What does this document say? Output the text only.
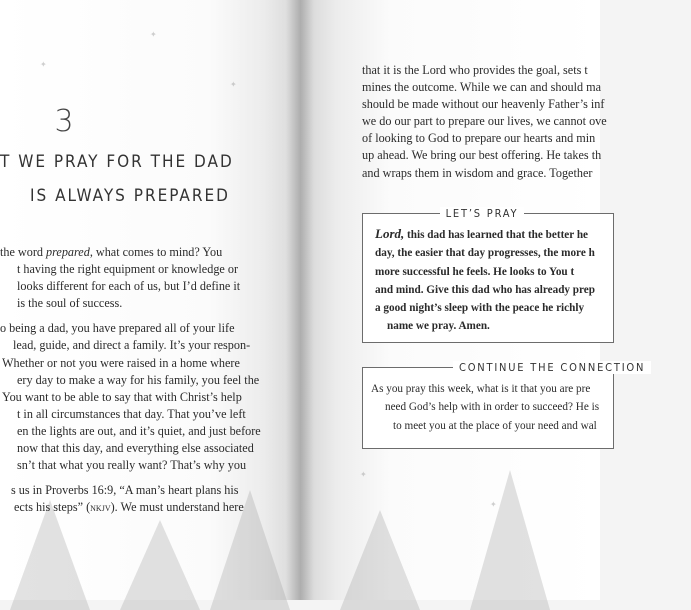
✦
✦
✦
3
T WE PRAY FOR THE DAD
IS ALWAYS PREPARED

the word prepared, what comes to mind? You

t having the right equipment or knowledge or

looks different for each of us, but I’d define it

is the soul of success.

o being a dad, you have prepared all of your life

lead, guide, and direct a family. It’s your respon-

Whether or not you were raised in a home where

ery day to make a way for his family, you feel the

You want to be able to say that with Christ’s help

t in all circumstances that day. That you’ve left

en the lights are out, and it’s quiet, and just before

now that this day, and everything else associated

sn’t that what you really want? That’s why you

s us in Proverbs 16:9, “A man’s heart plans his

ects his steps” (nkjv). We must understand here

✦
✦

that it is the Lord who provides the goal, sets t

mines the outcome. While we can and should ma

should be made without our heavenly Father’s inf

we do our part to prepare our lives, we cannot ove

of looking to God to prepare our hearts and min

up ahead. We bring our best offering. He takes th

and wraps them in wisdom and grace. Together

LET’S PRAY

Lord, this dad has learned that the better he

day, the easier that day progresses, the more h

more successful he feels. He looks to You t

and mind. Give this dad who has already prep

a good night’s sleep with the peace he richly

name we pray. Amen.

CONTINUE THE CONNECTION

As you pray this week, what is it that you are pre

need God’s help with in order to succeed? He is

to meet you at the place of your need and wal
